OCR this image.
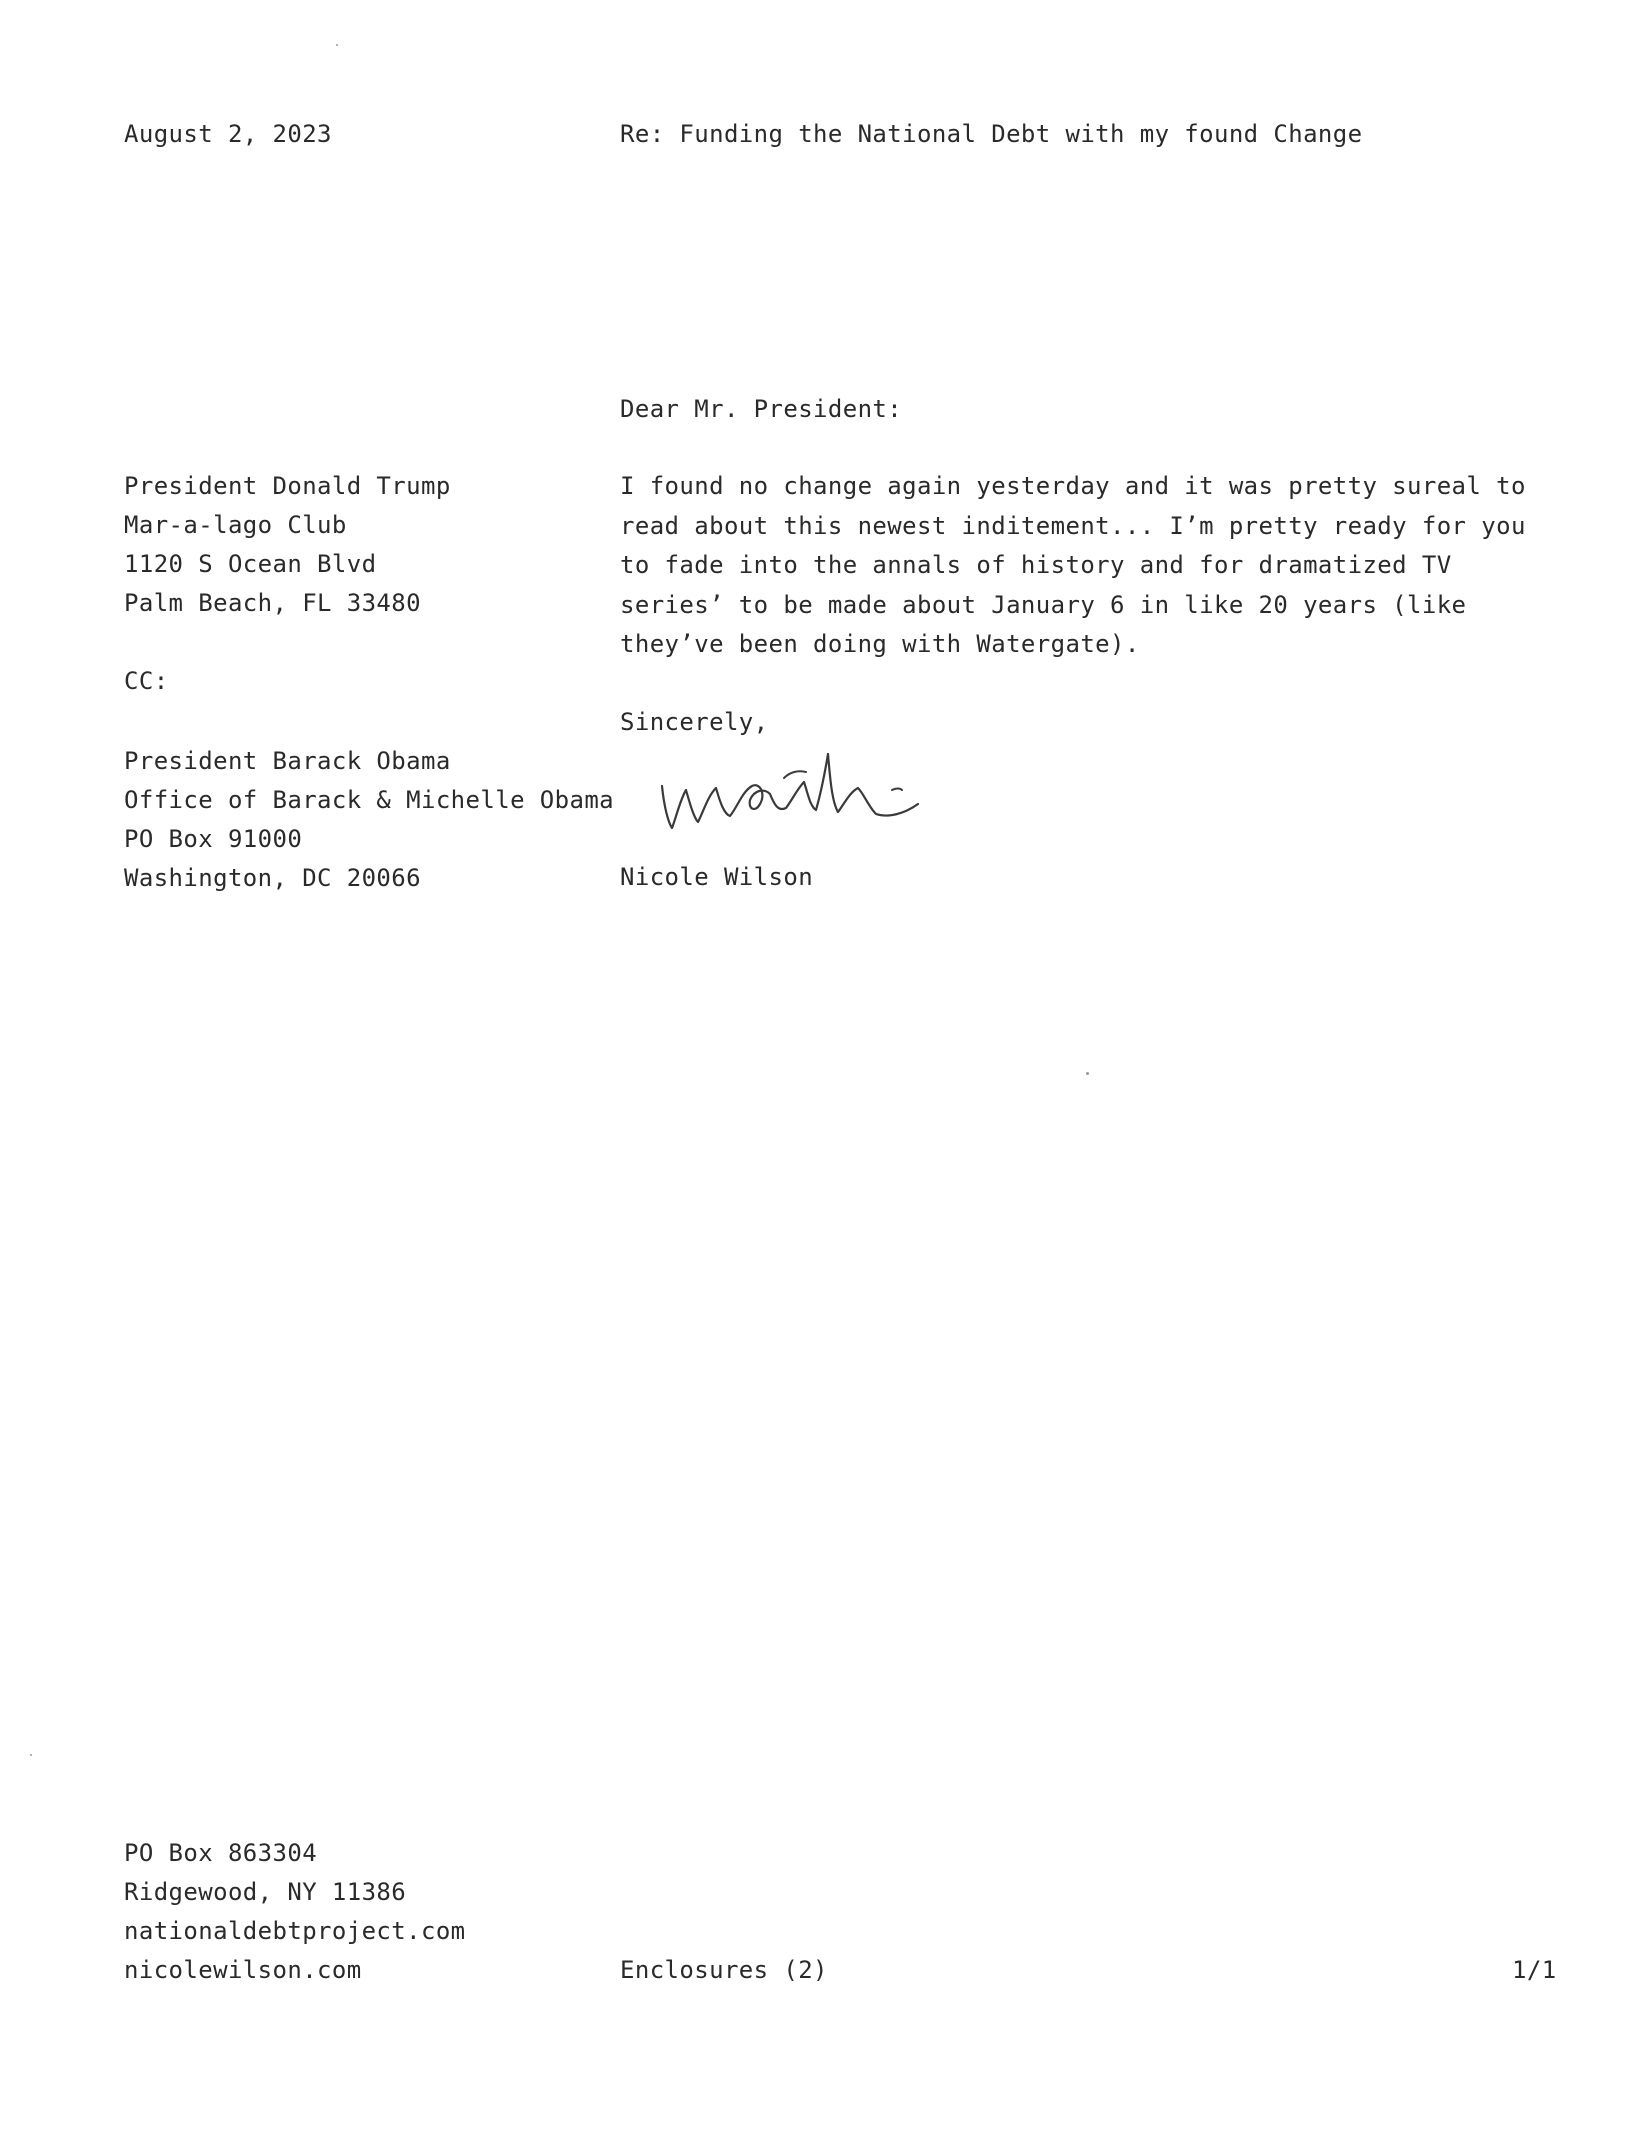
August 2, 2023	Re: Funding the National Debt with my found Change
Dear Mr. President:
President Donald Trump
Mar-a-lago Club
1120 S Ocean Blvd
Palm Beach, FL 33480
CC:
President Barack Obama
Office of Barack & Michelle Obama
PO Box 91000
Washington, DC 20066
I found no change again yesterday and it was pretty sureal to read about this newest inditement... I’m pretty ready for you to fade into the annals of history and for dramatized TV series’ to be made about January 6 in like 20 years (like they’ve been doing with Watergate).
Sincerely,
Nicole Wilson
PO Box 863304
Ridgewood, NY 11386
nationaldebtproject.com
nicolewilson.com	Enclosures (2)	1/1
